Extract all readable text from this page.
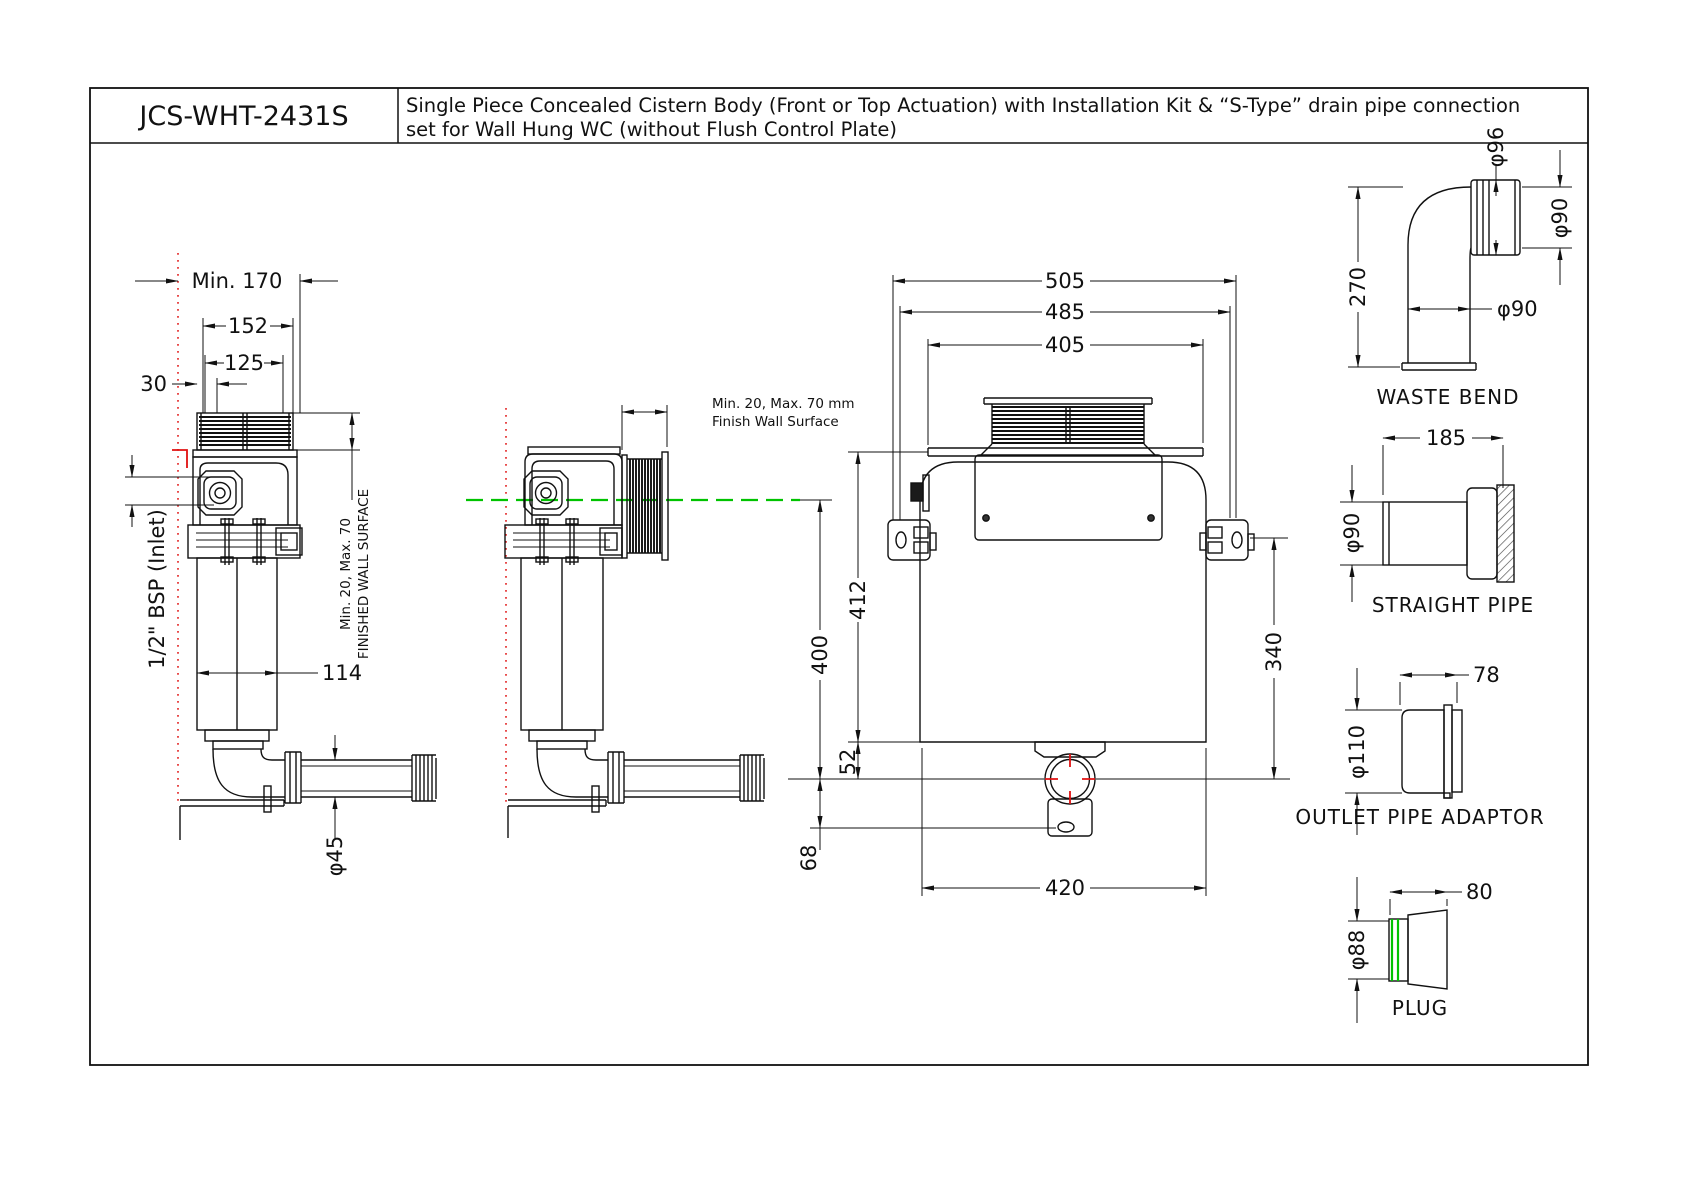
JCS-WHT-2431S	Single Piece Concealed Cistern Body (Front or Top Actuation) with Installation Kit & “S-Type” drain pipe connection
set for Wall Hung WC (without Flush Control Plate)
Min. 170
152
125
30
1/2" BSP (Inlet)
114
φ45
Min. 20, Max. 70 FINISHED WALL SURFACE
Min. 20, Max. 70 mm
Finish Wall Surface
505
485
405
412
400	340
52
68
420
φ96
φ90
270
φ90
WASTE BEND
185
φ90
STRAIGHT PIPE
78
φ110
OUTLET PIPE ADAPTOR
80
φ88
PLUG
